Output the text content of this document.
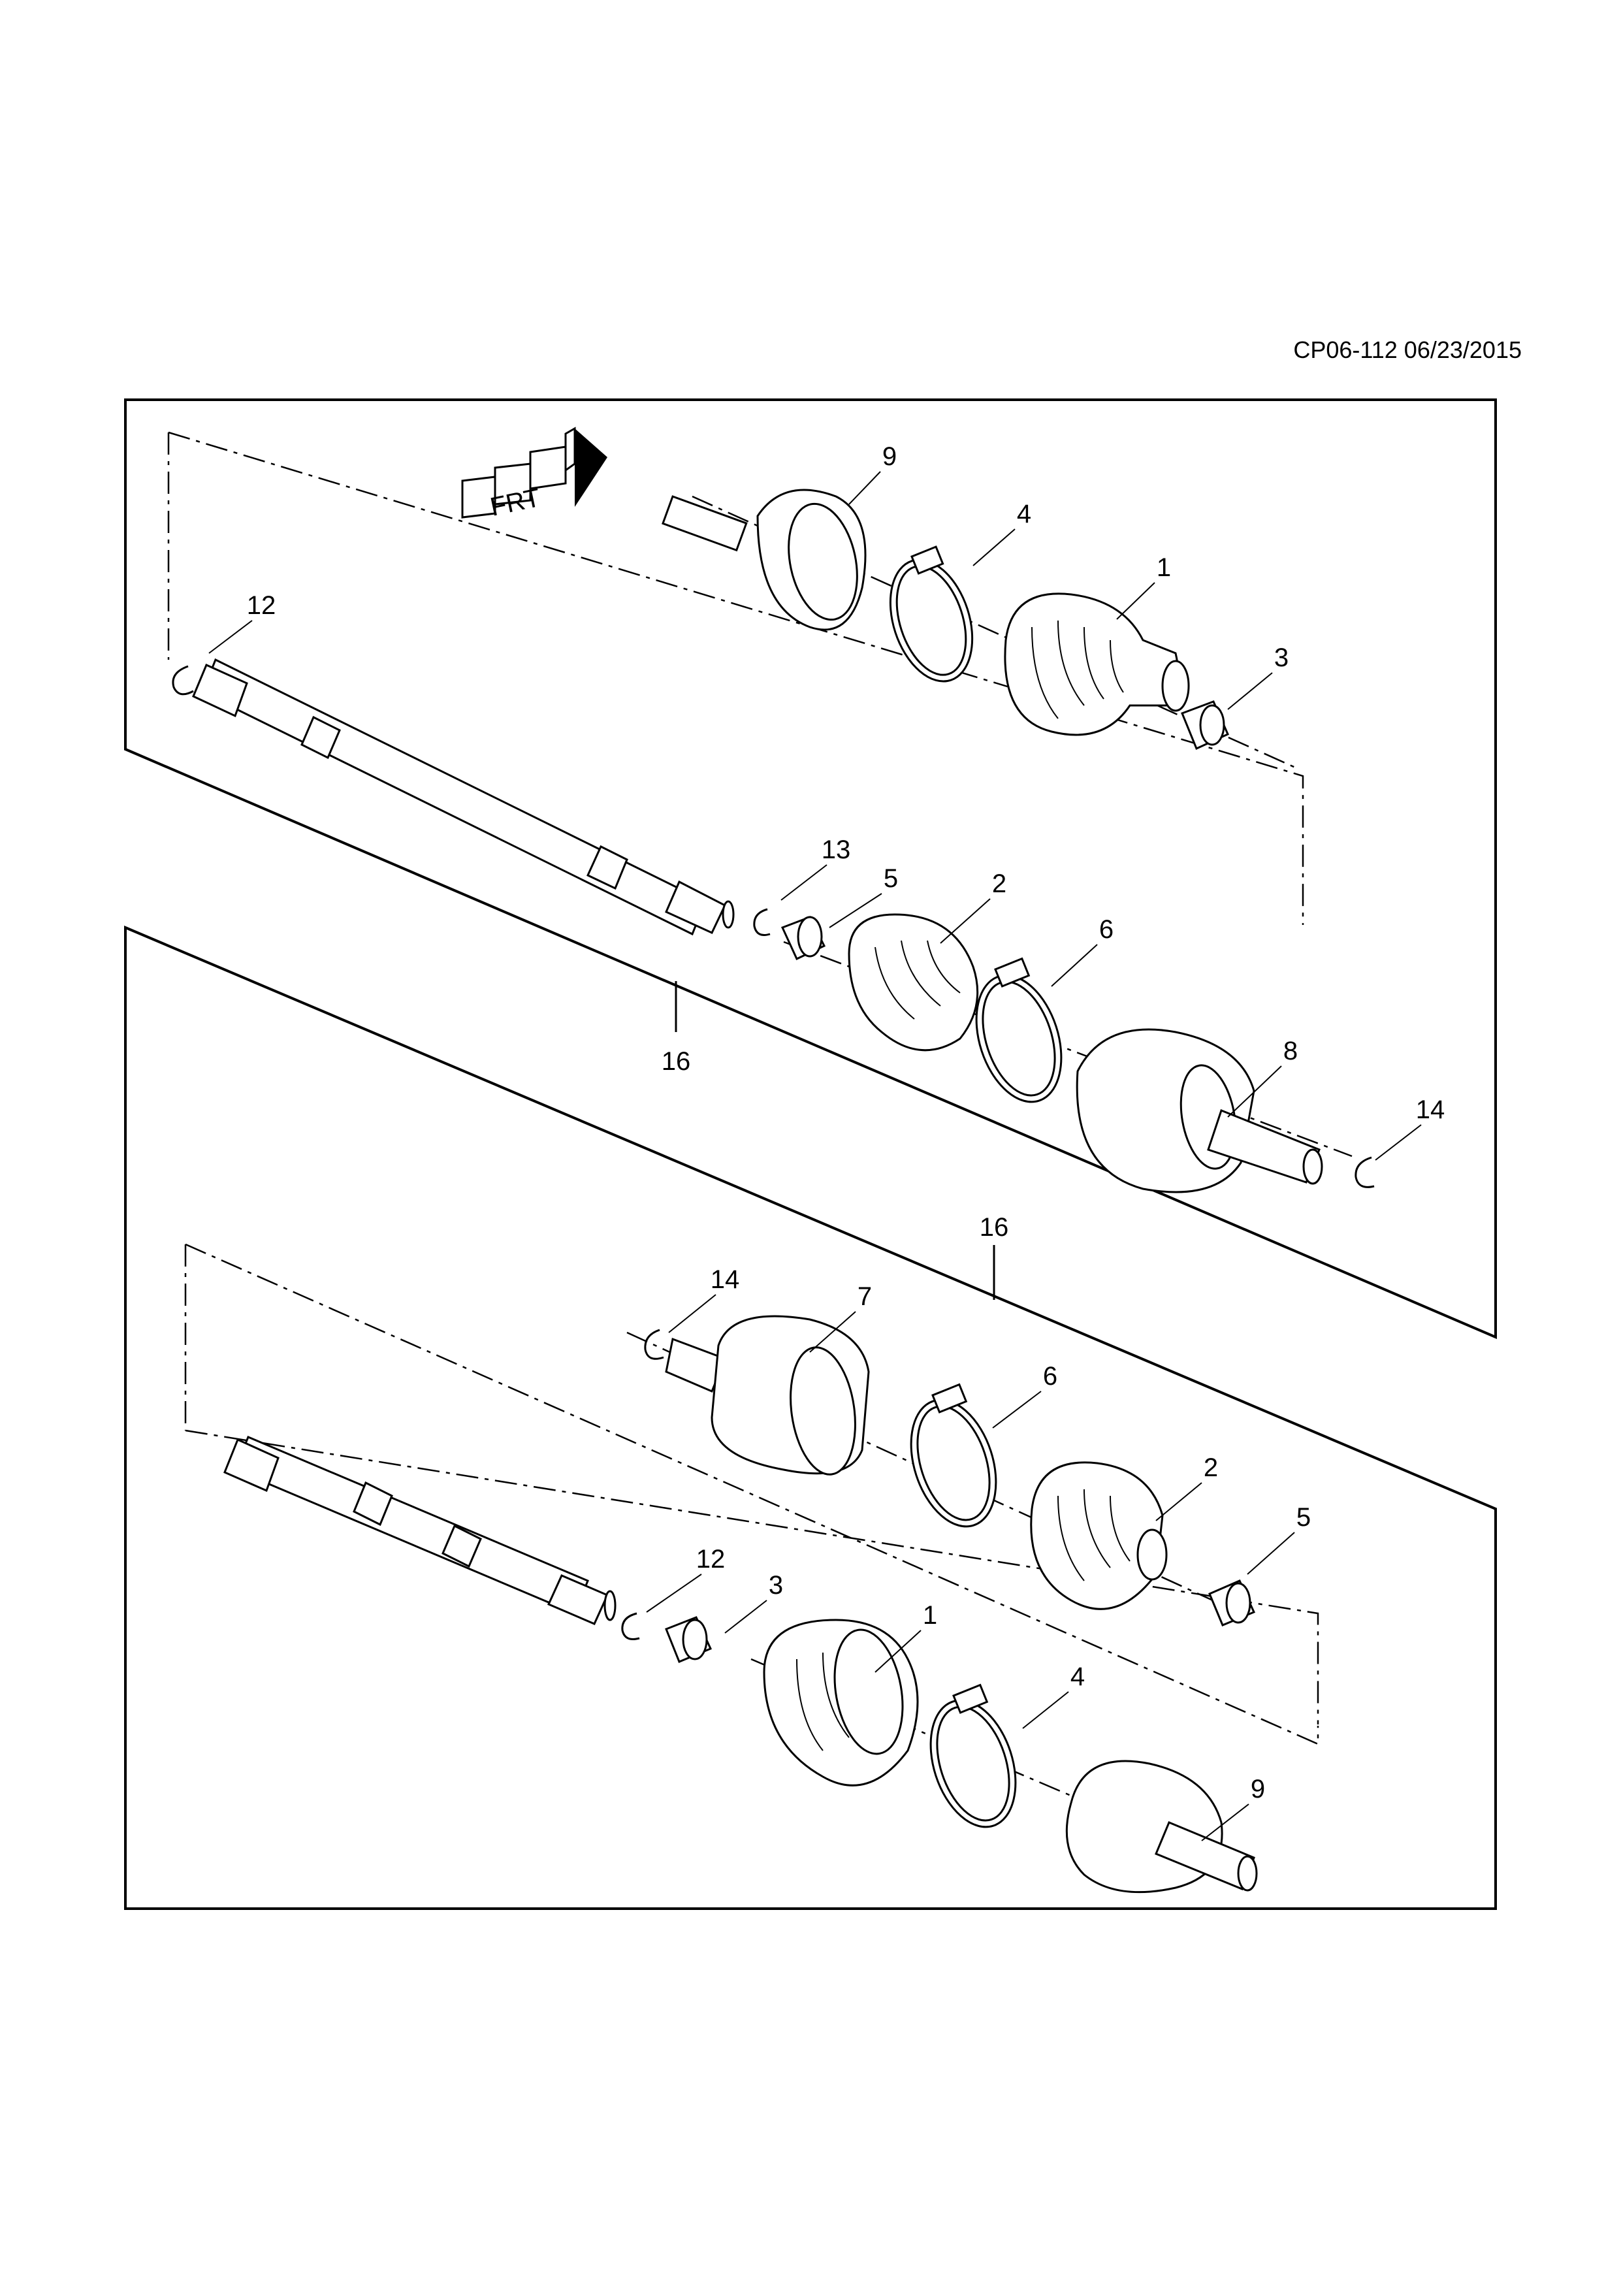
CP06-112 06/23/2015
FRT
9
4
1
3
12
13
5	2
6
8
14
16
16
14
7
6
2
5
12
3
1
4
9
